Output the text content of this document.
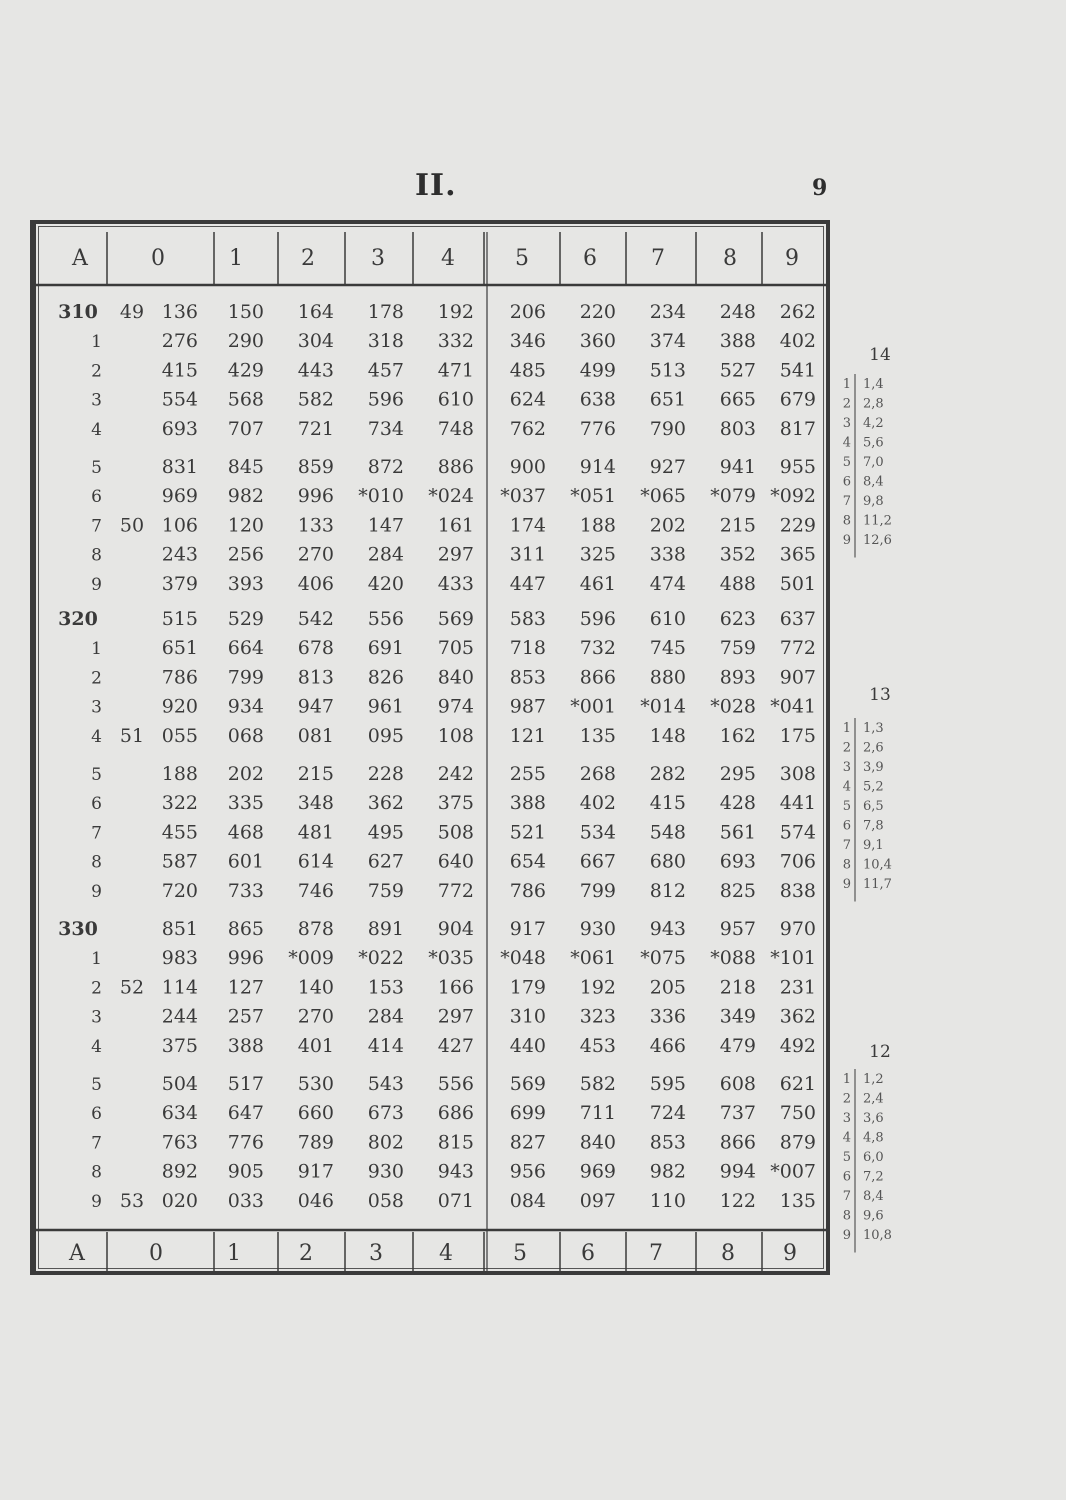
II.	9
A	0	1	2	3	4	5 6 7	8 9
A	0	1	2	3	4	5 6 7	8 9
310 49 136 150 164 178 192 206 220 234 248 262
1	276 290 304 318 332 346 360 374 388 402
2	415 429 443 457 471 485 499 513 527 541
3	554 568 582 596 610 624 638 651 665 679
4	693 707 721 734 748 762 776 790 803 817
5	831 845 859 872 886 900 914 927 941 955
6	969 982 996 *010 *024 *037 *051 *065 *079 *092
7 50 106 120 133 147 161 174 188 202 215 229
8	243 256 270 284 297 311 325 338 352 365
9	379 393 406 420 433 447 461 474 488 501
320	515 529 542 556 569 583 596 610 623 637
1	651 664 678 691 705 718 732 745 759 772
2	786 799 813 826 840 853 866 880 893 907
3	920 934 947 961 974 987 *001 *014 *028 *041
4 51 055 068 081 095 108 121 135 148 162 175
5	188 202 215 228 242 255 268 282 295 308
6	322 335 348 362 375 388 402 415 428 441
7	455 468 481 495 508 521 534 548 561 574
8	587 601 614 627 640 654 667 680 693 706
9	720 733 746 759 772 786 799 812 825 838
330	851 865 878 891 904 917 930 943 957 970
1	983 996 *009 *022 *035 *048 *061 *075 *088 *101
2 52 114 127 140 153 166 179 192 205 218 231
3	244 257 270 284 297 310 323 336 349 362
4	375 388 401 414 427 440 453 466 479 492
5	504 517 530 543 556 569 582 595 608 621
6	634 647 660 673 686 699 711 724 737 750
7	763 776 789 802 815 827 840 853 866 879
8	892 905 917 930 943 956 969 982 994 *007
9 53 020 033 046 058 071 084 097 110 122 135
14
1 1,4
2 2,8
3 4,2
4 5,6
5 7,0
6 8,4
7 9,8
8 11,2
9 12,6
13
1 1,3
2 2,6
3 3,9
4 5,2
5 6,5
6 7,8
7 9,1
8 10,4
9 11,7
12
1 1,2
2 2,4
3 3,6
4 4,8
5 6,0
6 7,2
7 8,4
8 9,6
9 10,8
